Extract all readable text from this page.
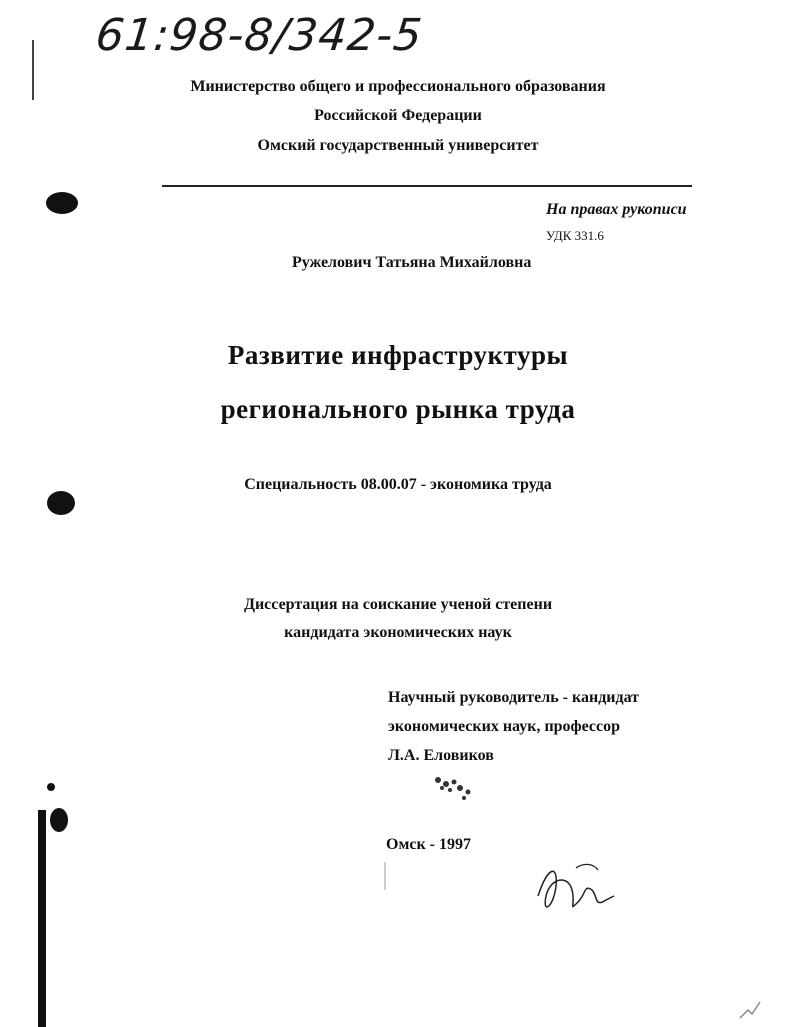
61:98-8/342-5
Министерство общего и профессионального образования
Российской Федерации
Омский государственный университет
На правах рукописи
УДК 331.6
Ружелович Татьяна Михайловна
Развитие инфраструктуры
регионального рынка труда
Специальность 08.00.07 - экономика труда
Диссертация на соискание ученой степени
кандидата экономических наук
Научный руководитель - кандидат
экономических наук, профессор
Л.А. Еловиков
Омск - 1997
